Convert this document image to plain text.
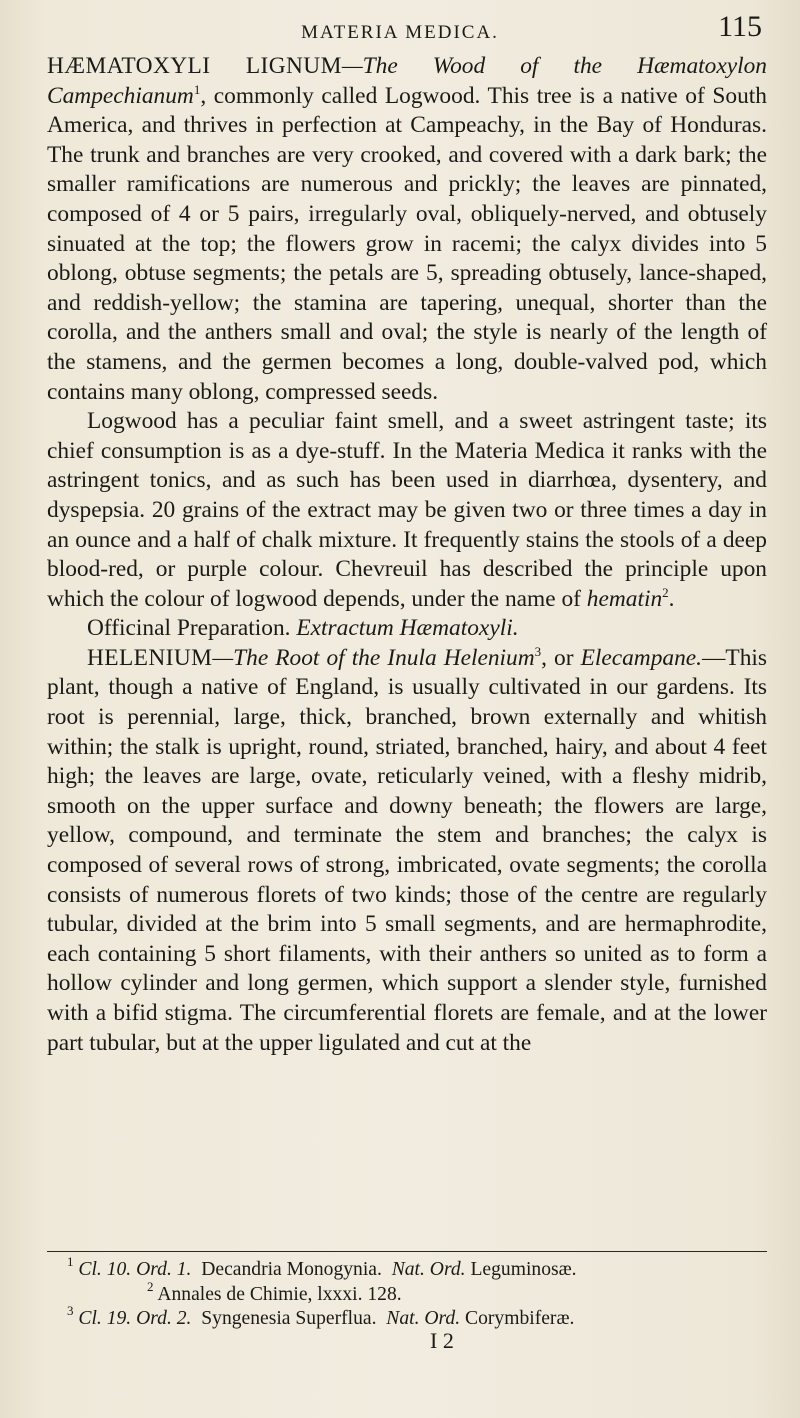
MATERIA MEDICA.	115

HÆMATOXYLI LIGNUM—The Wood of the Hæmatoxylon Campechianum$^1$, commonly called Logwood. This tree is a native of South America, and thrives in perfection at Campeachy, in the Bay of Honduras. The trunk and branches are very crooked, and covered with a dark bark; the smaller ramifications are numerous and prickly; the leaves are pinnated, composed of 4 or 5 pairs, irregularly oval, obliquely-nerved, and obtusely sinuated at the top; the flowers grow in racemi; the calyx divides into 5 oblong, obtuse segments; the petals are 5, spreading obtusely, lance-shaped, and reddish-yellow; the stamina are tapering, unequal, shorter than the corolla, and the anthers small and oval; the style is nearly of the length of the stamens, and the germen becomes a long, double-valved pod, which contains many oblong, compressed seeds.

Logwood has a peculiar faint smell, and a sweet astringent taste; its chief consumption is as a dye-stuff. In the Materia Medica it ranks with the astringent tonics, and as such has been used in diarrhœa, dysentery, and dyspepsia. 20 grains of the extract may be given two or three times a day in an ounce and a half of chalk mixture. It frequently stains the stools of a deep blood-red, or purple colour. Chevreuil has described the principle upon which the colour of logwood depends, under the name of hematin$^2$.

Officinal Preparation. Extractum Hæmatoxyli.

HELENIUM—The Root of the Inula Helenium$^3$, or Elecampane.—This plant, though a native of England, is usually cultivated in our gardens. Its root is perennial, large, thick, branched, brown externally and whitish within; the stalk is upright, round, striated, branched, hairy, and about 4 feet high; the leaves are large, ovate, reticularly veined, with a fleshy midrib, smooth on the upper surface and downy beneath; the flowers are large, yellow, compound, and terminate the stem and branches; the calyx is composed of several rows of strong, imbricated, ovate segments; the corolla consists of numerous florets of two kinds; those of the centre are regularly tubular, divided at the brim into 5 small segments, and are hermaphrodite, each containing 5 short filaments, with their anthers so united as to form a hollow cylinder and long germen, which support a slender style, furnished with a bifid stigma. The circumferential florets are female, and at the lower part tubular, but at the upper ligulated and cut at the

$^1$ Cl. 10. Ord. 1. Decandria Monogynia. Nat. Ord. Leguminosæ.

$^2$ Annales de Chimie, lxxxi. 128.

$^3$ Cl. 19. Ord. 2. Syngenesia Superflua. Nat. Ord. Corymbiferæ.

I 2
